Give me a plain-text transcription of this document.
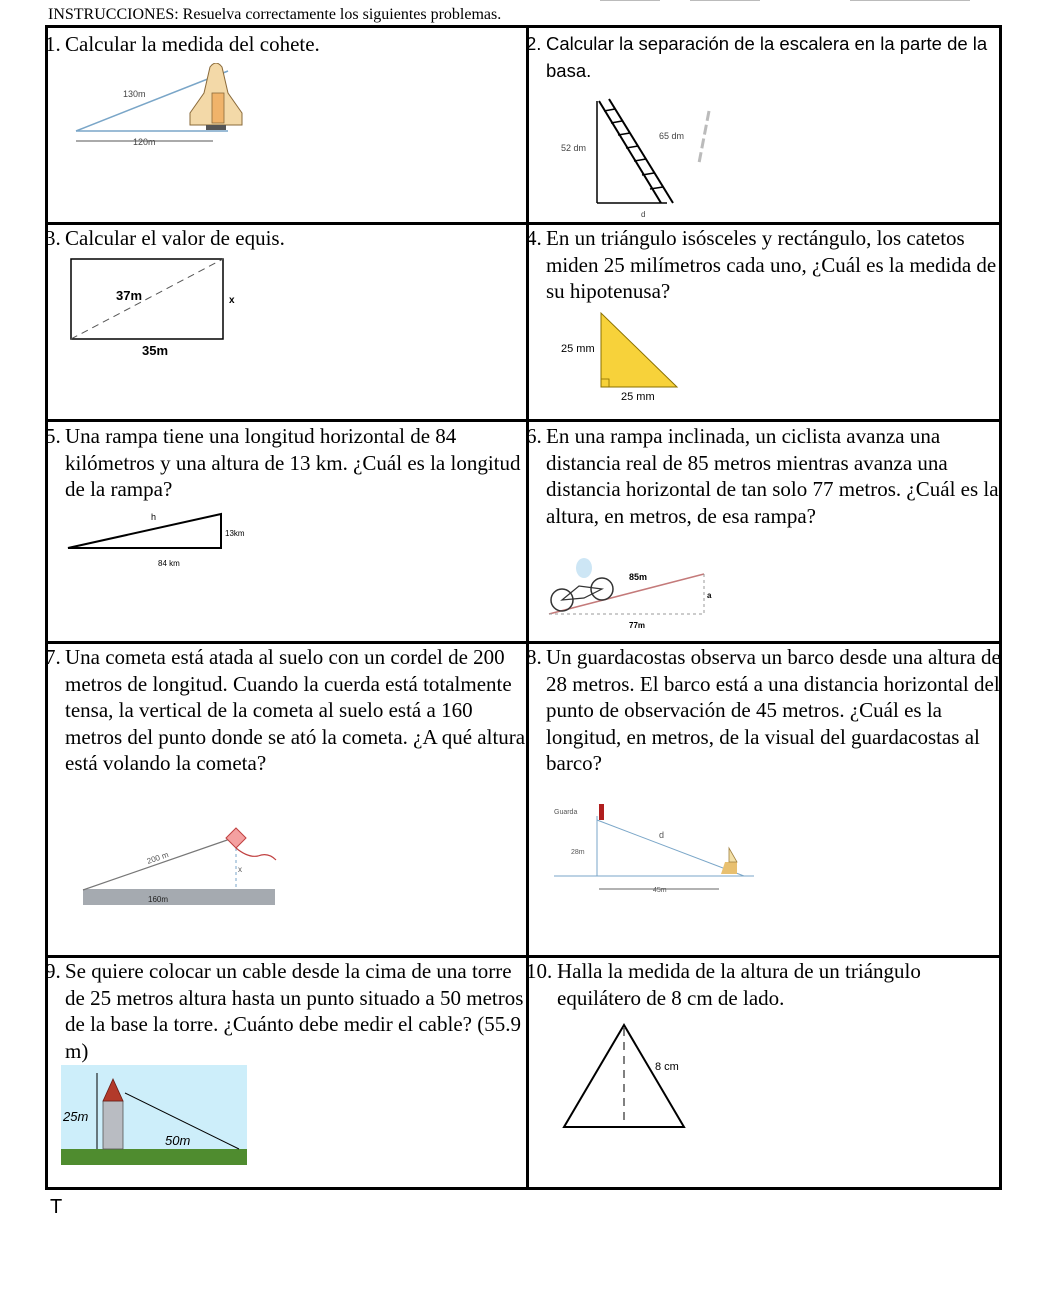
INSTRUCCIONES: Resuelva correctamente los siguientes problemas.

1. Calcular la medida del cohete.

130m
120m

2. Calcular la separación de la escalera en la parte de la basa.

52 dm
65 dm
d

3. Calcular el valor de equis.

37m	x
35m

4. En un triángulo isósceles y rectángulo, los catetos miden 25 milímetros cada uno, ¿Cuál es la medida de su hipotenusa?

25 mm
25 mm

5. Una rampa tiene una longitud horizontal de 84 kilómetros y una altura de 13 km. ¿Cuál es la longitud de la rampa?

h
13km
84 km

6. En una rampa inclinada, un ciclista avanza una distancia real de 85 metros mientras avanza una distancia horizontal de tan solo 77 metros. ¿Cuál es la altura, en metros, de esa rampa?

85m
a
77m

7. Una cometa está atada al suelo con un cordel de 200 metros de longitud. Cuando la cuerda está totalmente tensa, la vertical de la cometa al suelo está a 160 metros del punto donde se ató la cometa. ¿A qué altura está volando la cometa?

200 m
x
160m

8. Un guardacostas observa un barco desde una altura de 28 metros. El barco está a una distancia horizontal del punto de observación de 45 metros. ¿Cuál es la longitud, en metros, de la visual del guardacostas al barco?

Guarda
28m
d
45m

9. Se quiere colocar un cable desde la cima de una torre de 25 metros altura hasta un punto situado a 50 metros de la base la torre. ¿Cuánto debe medir el cable? (55.9 m)

25m
50m

10. Halla la medida de la altura de un triángulo equilátero de 8 cm de lado.

8 cm
T
